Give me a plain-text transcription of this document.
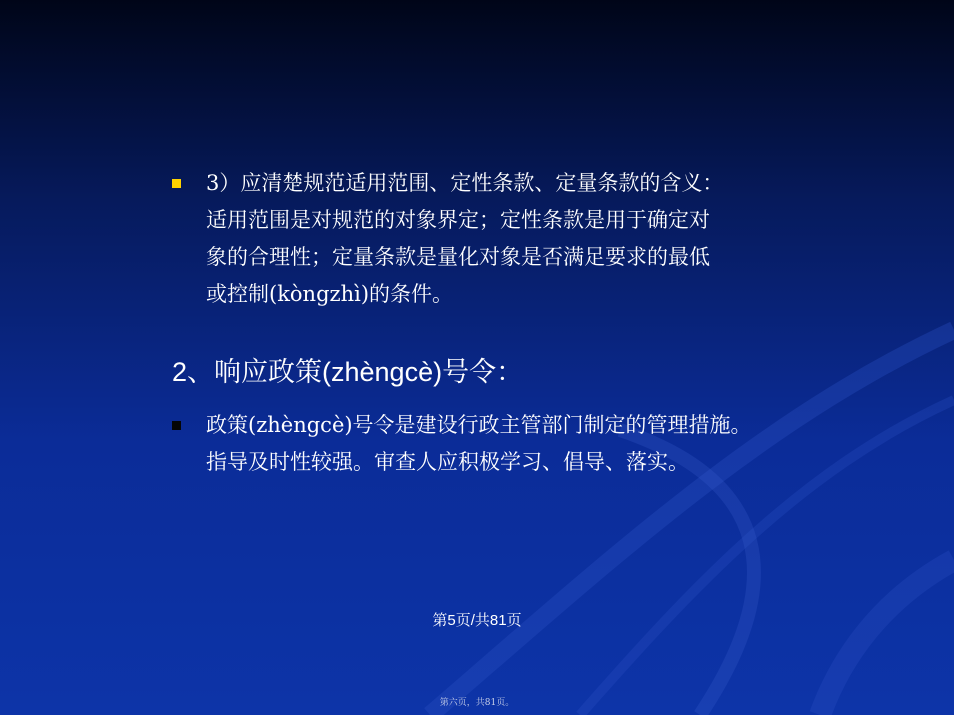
3）应清楚规范适用范围、定性条款、定量条款的含义：
适用范围是对规范的对象界定；定性条款是用于确定对
象的合理性；定量条款是量化对象是否满足要求的最低
或控制(kòngzhì)的条件。
2、响应政策(zhèngcè)号令：
政策(zhèngcè)号令是建设行政主管部门制定的管理措施。
指导及时性较强。审查人应积极学习、倡导、落实。

第5页/共81页

第六页，共81页。
